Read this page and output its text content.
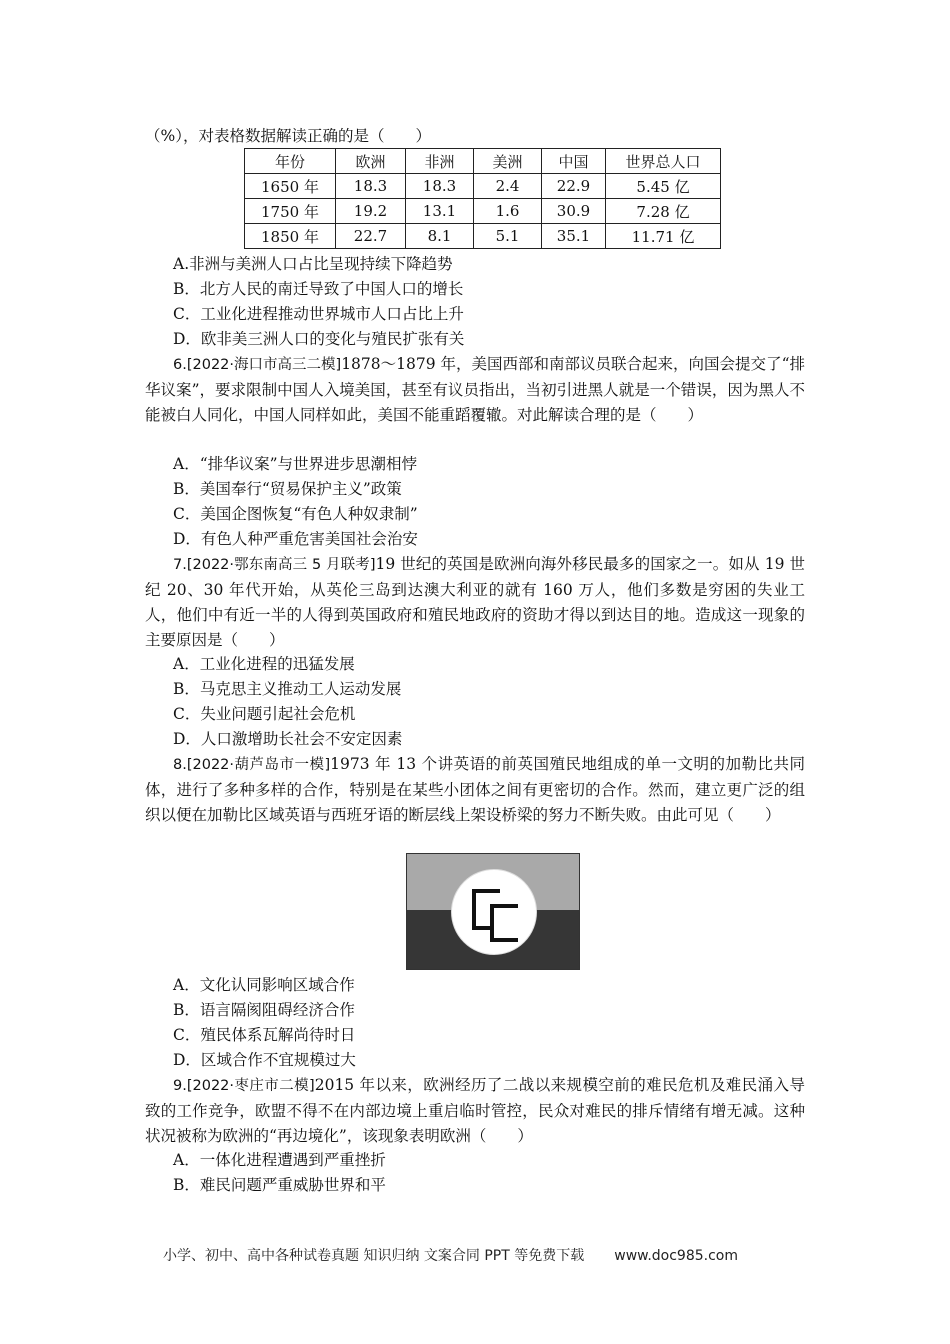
（%），对表格数据解读正确的是（　　）
年份	欧洲	非洲	美洲	中国	世界总人口
1650 年	18.3	18.3	2.4	22.9	5.45 亿
1750 年	19.2	13.1	1.6	30.9	7.28 亿
1850 年	22.7	8.1	5.1	35.1	11.71 亿
A.非洲与美洲人口占比呈现持续下降趋势
B．北方人民的南迁导致了中国人口的增长
C．工业化进程推动世界城市人口占比上升
D．欧非美三洲人口的变化与殖民扩张有关
6.[2022·海口市高三二模]1878～1879 年，美国西部和南部议员联合起来，向国会提交了“排华议案”，要求限制中国人入境美国，甚至有议员指出，当初引进黑人就是一个错误，因为黑人不能被白人同化，中国人同样如此，美国不能重蹈覆辙。对此解读合理的是（　　）
A．“排华议案”与世界进步思潮相悖
B．美国奉行“贸易保护主义”政策
C．美国企图恢复“有色人种奴隶制”
D．有色人种严重危害美国社会治安
7.[2022·鄂东南高三 5 月联考]19 世纪的英国是欧洲向海外移民最多的国家之一。如从 19 世纪 20、30 年代开始，从英伦三岛到达澳大利亚的就有 160 万人，他们多数是穷困的失业工人，他们中有近一半的人得到英国政府和殖民地政府的资助才得以到达目的地。造成这一现象的主要原因是（　　）
A．工业化进程的迅猛发展
B．马克思主义推动工人运动发展
C．失业问题引起社会危机
D．人口激增助长社会不安定因素
8.[2022·葫芦岛市一模]1973 年 13 个讲英语的前英国殖民地组成的单一文明的加勒比共同体，进行了多种多样的合作，特别是在某些小团体之间有更密切的合作。然而，建立更广泛的组织以便在加勒比区域英语与西班牙语的断层线上架设桥梁的努力不断失败。由此可见（　　）
A．文化认同影响区域合作
B．语言隔阂阻碍经济合作
C．殖民体系瓦解尚待时日
D．区域合作不宜规模过大
9.[2022·枣庄市二模]2015 年以来，欧洲经历了二战以来规模空前的难民危机及难民涌入导致的工作竞争，欧盟不得不在内部边境上重启临时管控，民众对难民的排斥情绪有增无减。这种状况被称为欧洲的“再边境化”，该现象表明欧洲（　　）
A．一体化进程遭遇到严重挫折
B．难民问题严重威胁世界和平
小学、初中、高中各种试卷真题 知识归纳 文案合同 PPT 等免费下载 www.doc985.com
